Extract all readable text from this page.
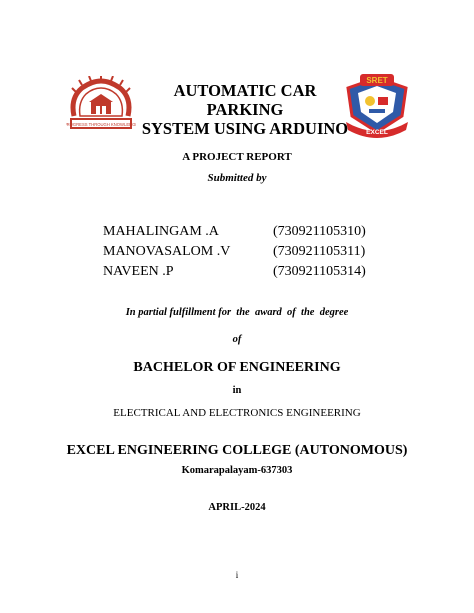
PROGRESS THROUGH KNOWLEDGE
AUTOMATIC CAR PARKING
SYSTEM USING ARDUINO
SRET
EXCEL
A PROJECT REPORT
Submitted by
MAHALINGAM .A	(730921105310)
MANOVASALOM .V	(730921105311)
NAVEEN .P	(730921105314)
In partial fulfillment for  the  award  of  the  degree
of
BACHELOR OF ENGINEERING
in
ELECTRICAL AND ELECTRONICS ENGINEERING
EXCEL ENGINEERING COLLEGE (AUTONOMOUS)
Komarapalayam-637303
APRIL-2024
i
